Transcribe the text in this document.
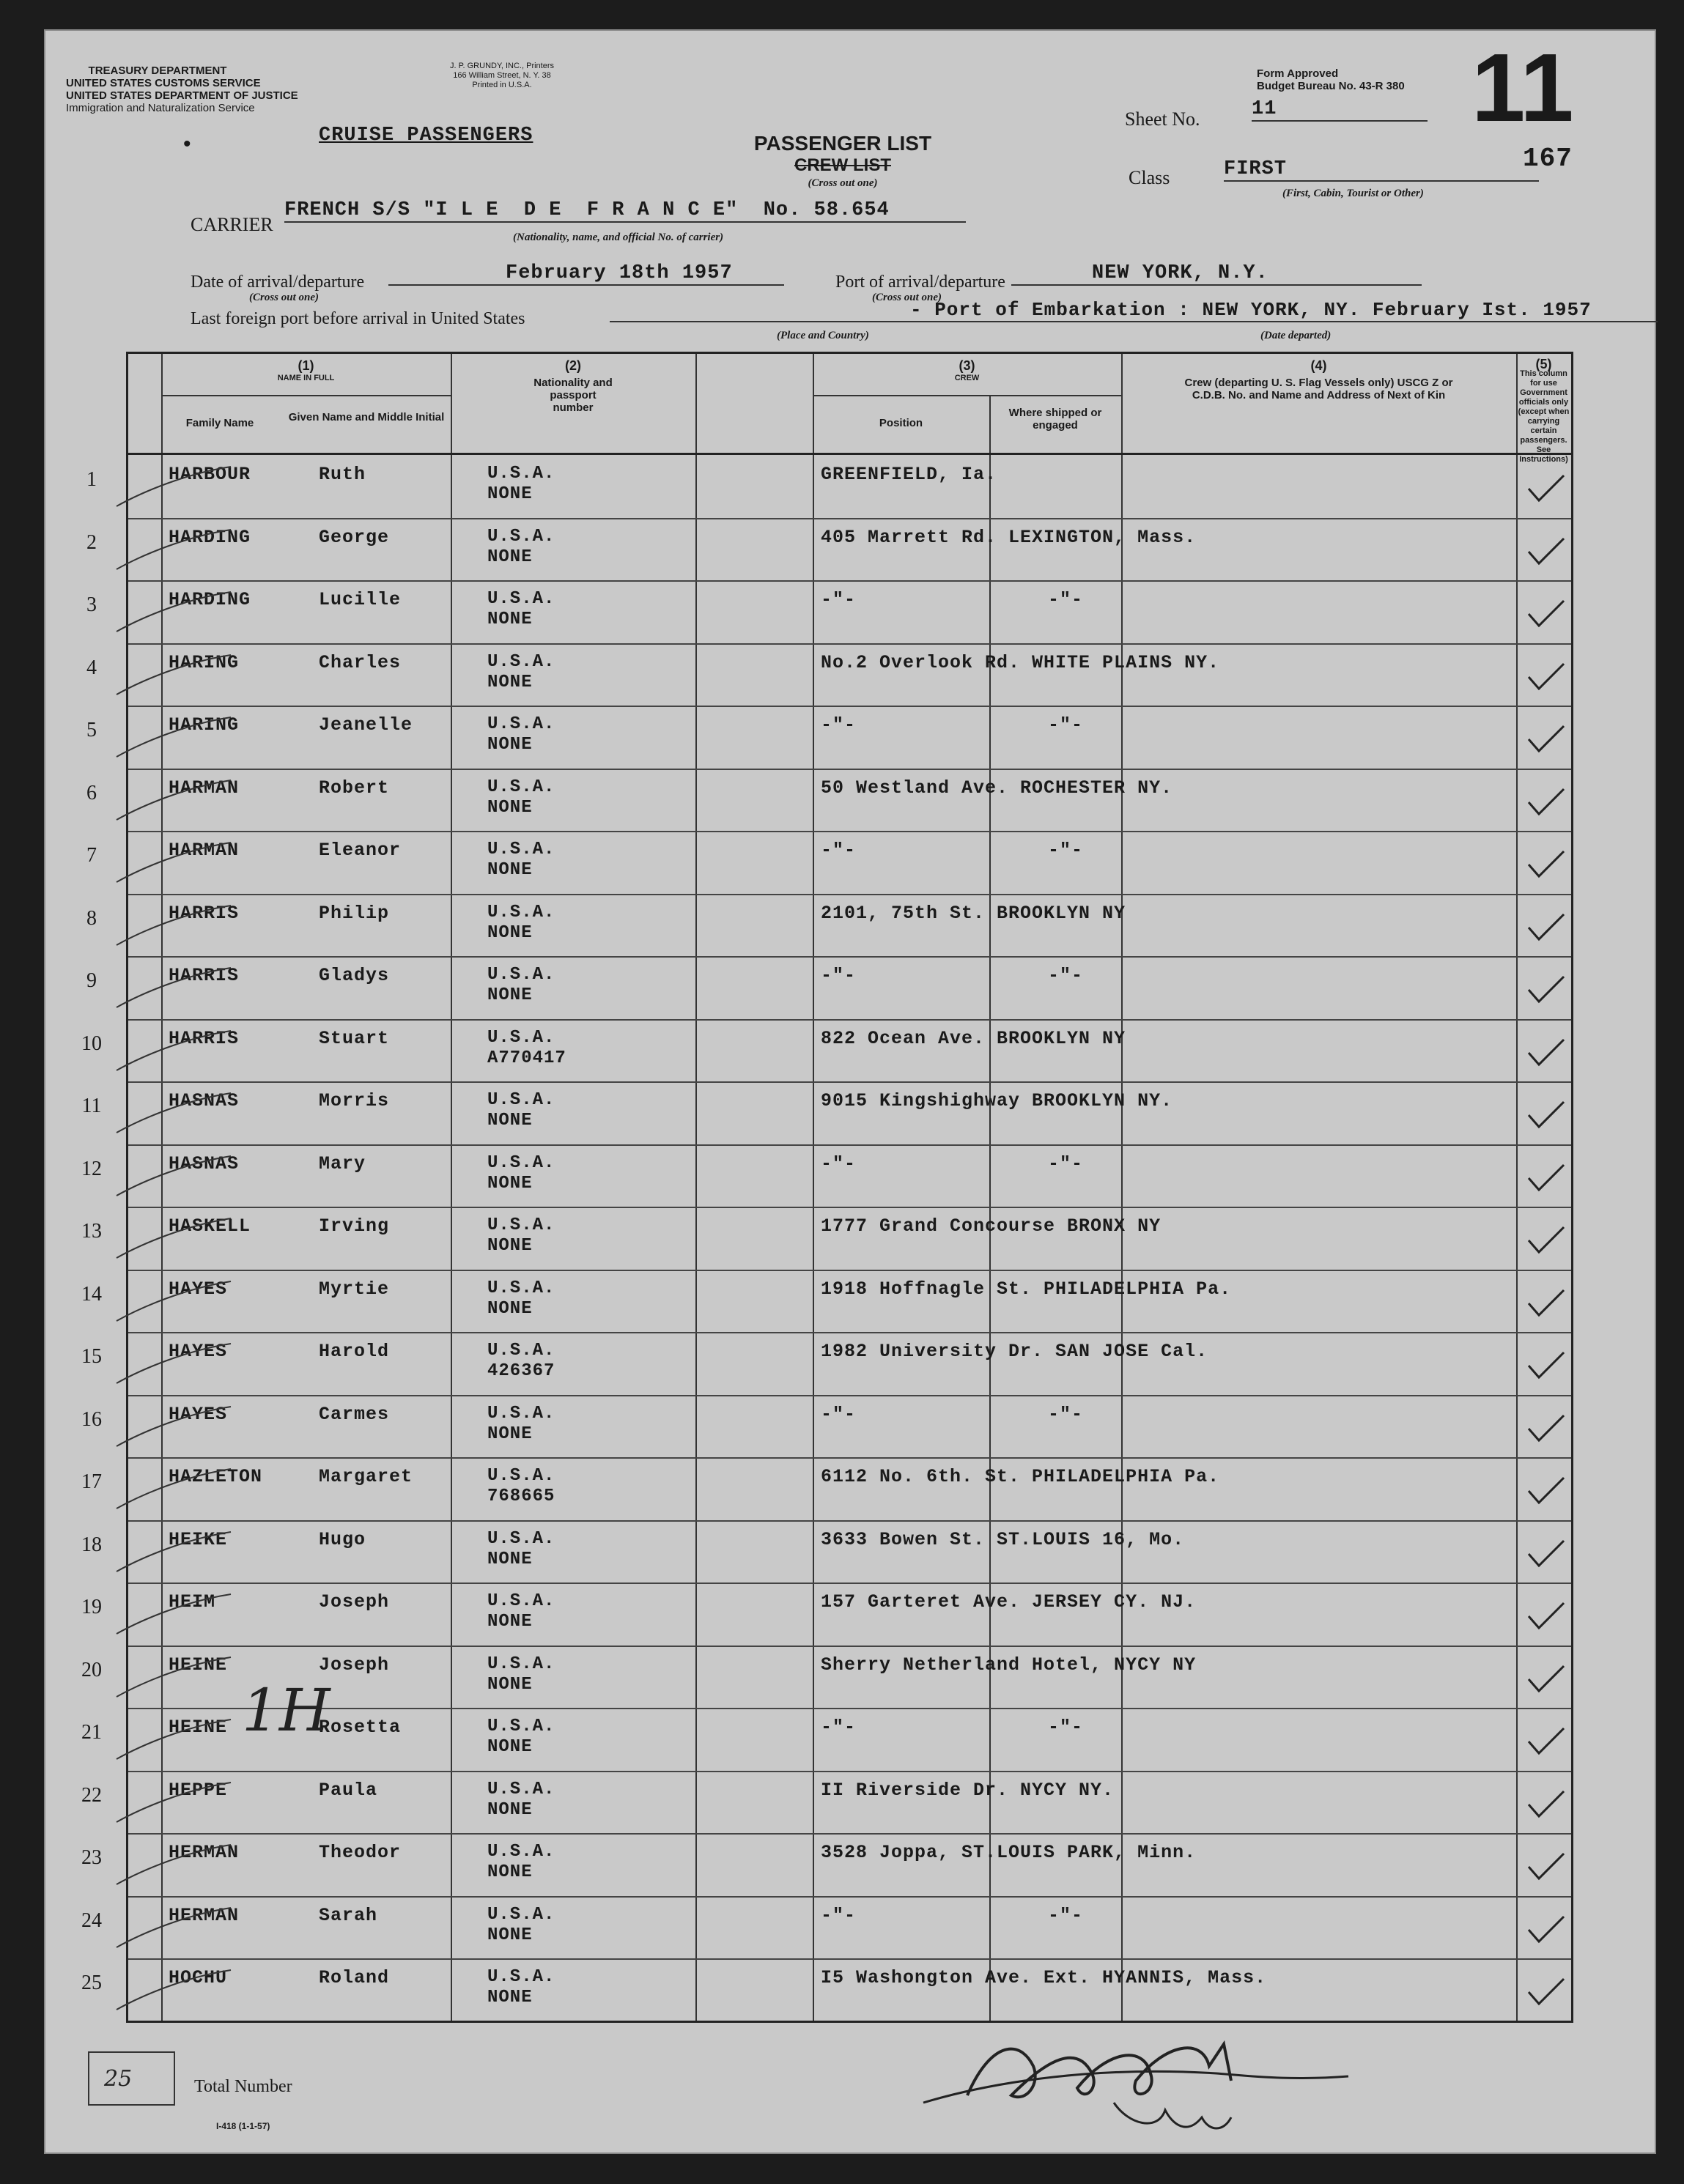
TREASURY DEPARTMENT
UNITED STATES CUSTOMS SERVICE
UNITED STATES DEPARTMENT OF JUSTICE
Immigration and Naturalization Service
J. P. GRUNDY, INC., Printers
166 William Street, N. Y. 38
Printed in U.S.A.
Form Approved
Budget Bureau No. 43-R 380 11
Sheet No.	11
167
CRUISE PASSENGERS
•	PASSENGER LIST
CREW LIST
(Cross out one)	Class	FIRST
(First, Cabin, Tourist or Other)
CARRIER
FRENCH S/S "I L E  D E  F R A N C E"  No. 58.654
(Nationality, name, and official No. of carrier)
Date of arrival/departure	February 18th 1957
(Cross out one)
Port of arrival/departure	NEW YORK, N.Y.
(Cross out one)
Last foreign port before arrival in United States	- Port of Embarkation : NEW YORK, NY. February Ist. 1957
(Place and Country)	(Date departed)
(1)
NAME IN FULL
Family Name	Given Name and Middle Initial
(2)
Nationality and passport number
(3)
CREW
Position
Where shipped or engaged
(4)
Crew (departing U. S. Flag Vessels only) USCG Z or C.D.B. No. and Name and Address of Next of Kin
(5)
This column for use Government officials only (except when carrying certain passengers. See Instructions)
1	HARBOUR	Ruth	U.S.A.
NONE
GREENFIELD, Ia.
2	HARDING	George	U.S.A.
NONE
405 Marrett Rd. LEXINGTON, Mass.
3	HARDING	Lucille	U.S.A.
NONE
-"-	-"-
4	HARING	Charles	U.S.A.
NONE
No.2 Overlook Rd. WHITE PLAINS NY.
5	HARING	Jeanelle	U.S.A.
NONE
-"-	-"-
6	HARMAN	Robert	U.S.A.
NONE
50 Westland Ave. ROCHESTER NY.
7	HARMAN	Eleanor	U.S.A.
NONE
-"-	-"-
8	HARRIS	Philip	U.S.A.
NONE
2101, 75th St. BROOKLYN NY
9	HARRIS	Gladys	U.S.A.
NONE
-"-	-"-
10	HARRIS	Stuart	U.S.A.
A770417
822 Ocean Ave. BROOKLYN NY
11	HASNAS	Morris	U.S.A.
NONE
9015 Kingshighway BROOKLYN NY.
12	HASNAS	Mary	U.S.A.
NONE
-"-	-"-
13	HASKELL	Irving	U.S.A.
NONE
1777 Grand Concourse BRONX NY
14	HAYES	Myrtie	U.S.A.
NONE
1918 Hoffnagle St. PHILADELPHIA Pa.
15	HAYES	Harold	U.S.A.
426367
1982 University Dr. SAN JOSE Cal.
16	HAYES	Carmes	U.S.A.
NONE
-"-	-"-
17	HAZLETON	Margaret	U.S.A.
768665
6112 No. 6th. St. PHILADELPHIA Pa.
18	HEIKE	Hugo	U.S.A.
NONE
3633 Bowen St. ST.LOUIS 16, Mo.
19	HEIM	Joseph	U.S.A.
NONE
157 Garteret Ave. JERSEY CY. NJ.
20	HEINE	Joseph	U.S.A.
NONE
Sherry Netherland Hotel, NYCY NY
21	HEINE	Rosetta	U.S.A.
NONE
-"-	-"-
22	HEPPE	Paula	U.S.A.
NONE
II Riverside Dr. NYCY NY.
23	HERMAN	Theodor	U.S.A.
NONE
3528 Joppa, ST.LOUIS PARK, Minn.
24	HERMAN	Sarah	U.S.A.
NONE
-"-	-"-
25	HOCHU	Roland	U.S.A.
NONE
I5 Washongton Ave. Ext. HYANNIS, Mass.
1H
25	Total Number
I-418 (1-1-57)
